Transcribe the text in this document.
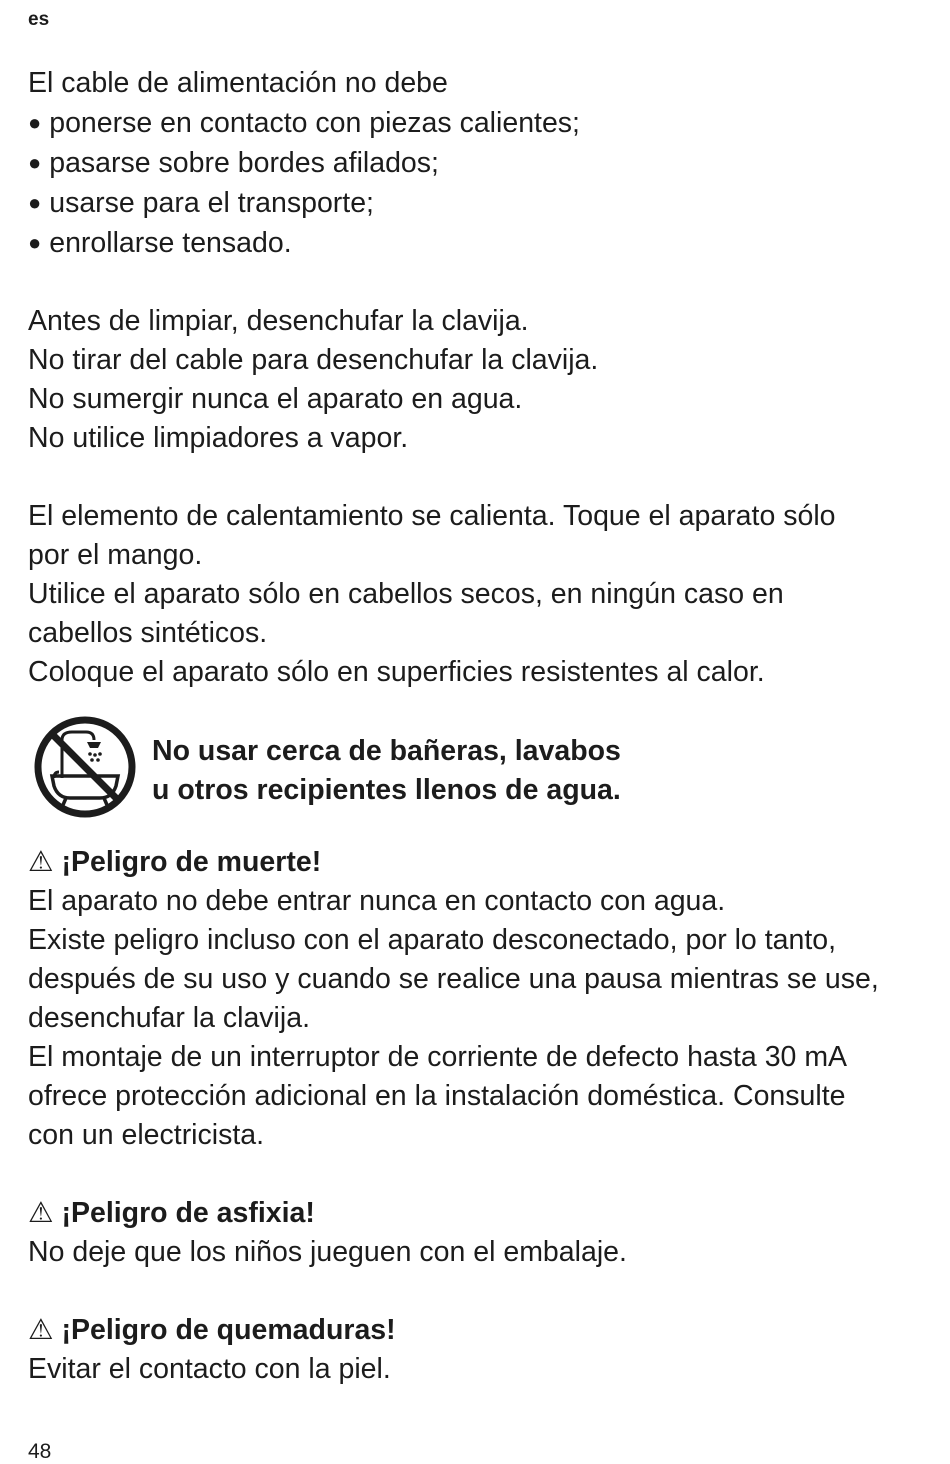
es
El cable de alimentación no debe
● ponerse en contacto con piezas calientes;
● pasarse sobre bordes afilados;
● usarse para el transporte;
● enrollarse tensado.
Antes de limpiar, desenchufar la clavija.
No tirar del cable para desenchufar la clavija.
No sumergir nunca el aparato en agua.
No utilice limpiadores a vapor.
El elemento de calentamiento se calienta. Toque el aparato sólo
por el mango.
Utilice el aparato sólo en cabellos secos, en ningún caso en
cabellos sintéticos.
Coloque el aparato sólo en superficies resistentes al calor.
No usar cerca de bañeras, lavabos
u otros recipientes llenos de agua.
⚠ ¡Peligro de muerte!
El aparato no debe entrar nunca en contacto con agua.
Existe peligro incluso con el aparato desconectado, por lo tanto,
después de su uso y cuando se realice una pausa mientras se use,
desenchufar la clavija.
El montaje de un interruptor de corriente de defecto hasta 30 mA
ofrece protección adicional en la instalación doméstica. Consulte
con un electricista.
⚠ ¡Peligro de asfixia!
No deje que los niños jueguen con el embalaje.
⚠ ¡Peligro de quemaduras!
Evitar el contacto con la piel.
48
